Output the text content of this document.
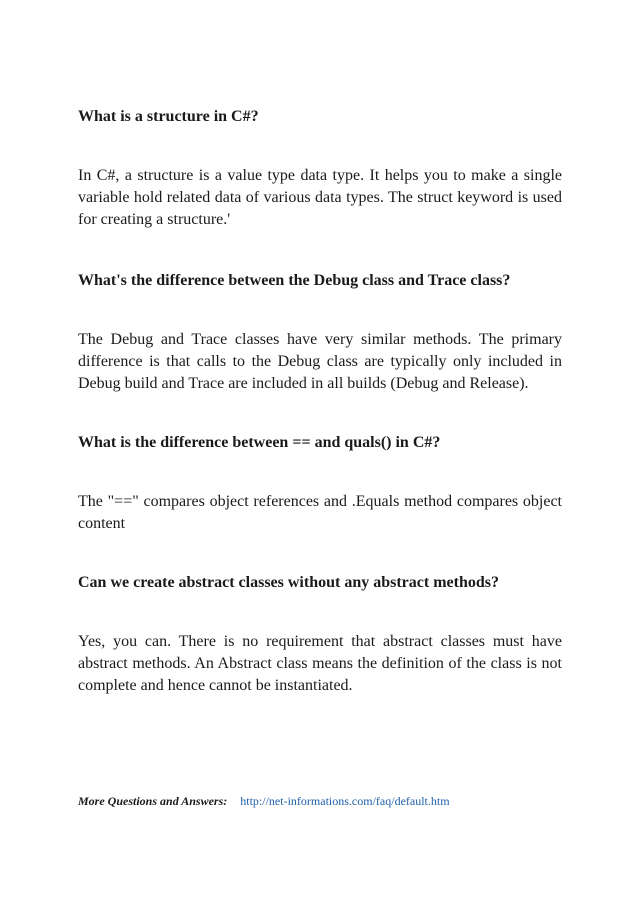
What is a structure in C#?

In C#, a structure is a value type data type. It helps you to make a single variable hold related data of various data types. The struct keyword is used for creating a structure.'

What's the difference between the Debug class and Trace class?

The Debug and Trace classes have very similar methods. The primary difference is that calls to the Debug class are typically only included in Debug build and Trace are included in all builds (Debug and Release).

What is the difference between == and quals() in C#?

The "==" compares object references and .Equals method compares object content

Can we create abstract classes without any abstract methods?

Yes, you can. There is no requirement that abstract classes must have abstract methods. An Abstract class means the definition of the class is not complete and hence cannot be instantiated.

More Questions and Answers: http://net-informations.com/faq/default.htm
